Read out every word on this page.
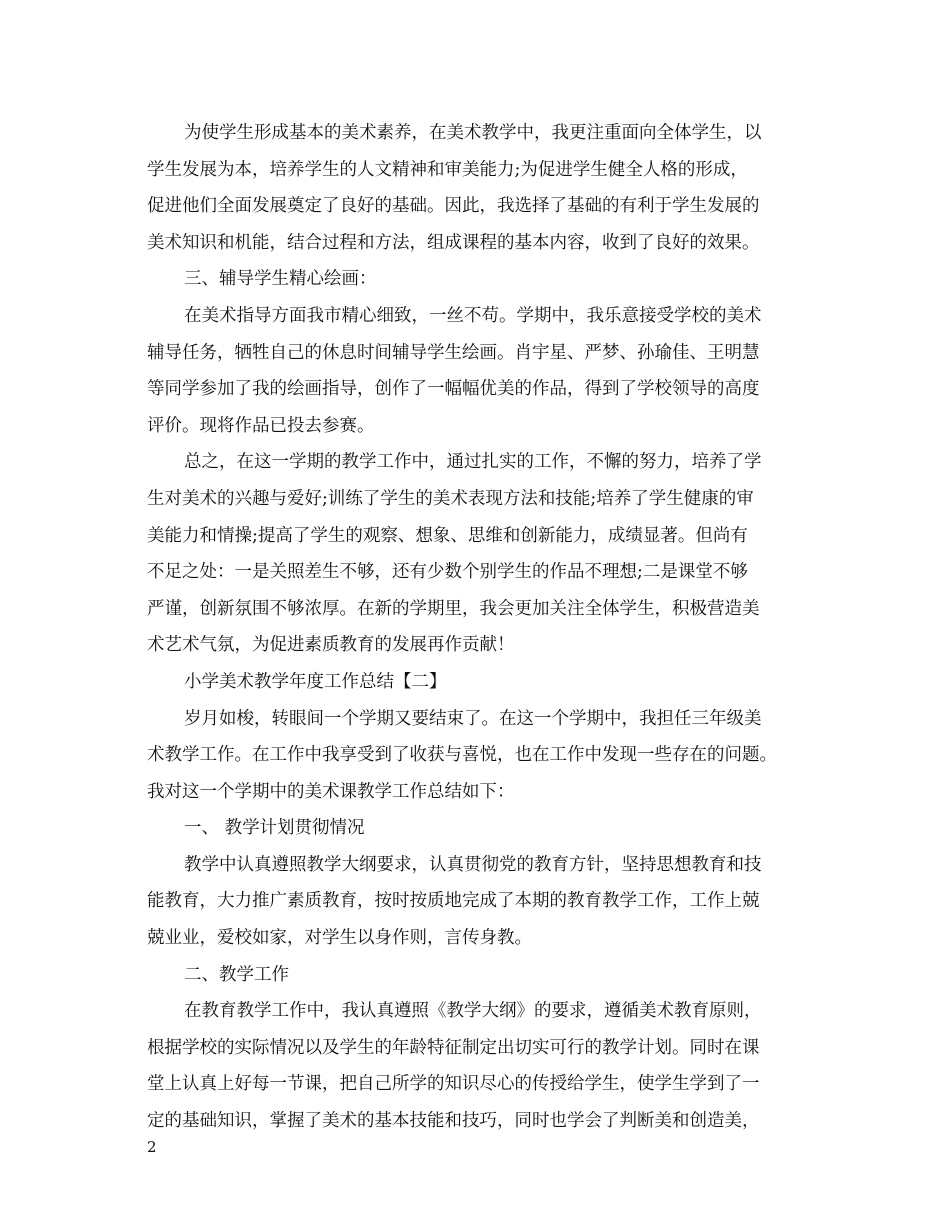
为使学生形成基本的美术素养，在美术教学中，我更注重面向全体学生，以
学生发展为本，培养学生的人文精神和审美能力;为促进学生健全人格的形成，
促进他们全面发展奠定了良好的基础。因此，我选择了基础的有利于学生发展的
美术知识和机能，结合过程和方法，组成课程的基本内容，收到了良好的效果。
三、辅导学生精心绘画：
在美术指导方面我市精心细致，一丝不苟。学期中，我乐意接受学校的美术
辅导任务，牺牲自己的休息时间辅导学生绘画。肖宇星、严梦、孙瑜佳、王明慧
等同学参加了我的绘画指导，创作了一幅幅优美的作品，得到了学校领导的高度
评价。现将作品已投去参赛。
总之，在这一学期的教学工作中，通过扎实的工作，不懈的努力，培养了学
生对美术的兴趣与爱好;训练了学生的美术表现方法和技能;培养了学生健康的审
美能力和情操;提高了学生的观察、想象、思维和创新能力，成绩显著。但尚有
不足之处：一是关照差生不够，还有少数个别学生的作品不理想;二是课堂不够
严谨，创新氛围不够浓厚。在新的学期里，我会更加关注全体学生，积极营造美
术艺术气氛，为促进素质教育的发展再作贡献！
小学美术教学年度工作总结【二】
岁月如梭，转眼间一个学期又要结束了。在这一个学期中，我担任三年级美
术教学工作。在工作中我享受到了收获与喜悦，也在工作中发现一些存在的问题。
我对这一个学期中的美术课教学工作总结如下：
一、 教学计划贯彻情况
教学中认真遵照教学大纲要求，认真贯彻党的教育方针，坚持思想教育和技
能教育，大力推广素质教育，按时按质地完成了本期的教育教学工作，工作上兢
兢业业，爱校如家，对学生以身作则，言传身教。
二、教学工作
在教育教学工作中，我认真遵照《教学大纲》的要求，遵循美术教育原则，
根据学校的实际情况以及学生的年龄特征制定出切实可行的教学计划。同时在课
堂上认真上好每一节课，把自己所学的知识尽心的传授给学生，使学生学到了一
定的基础知识，掌握了美术的基本技能和技巧，同时也学会了判断美和创造美，
2
